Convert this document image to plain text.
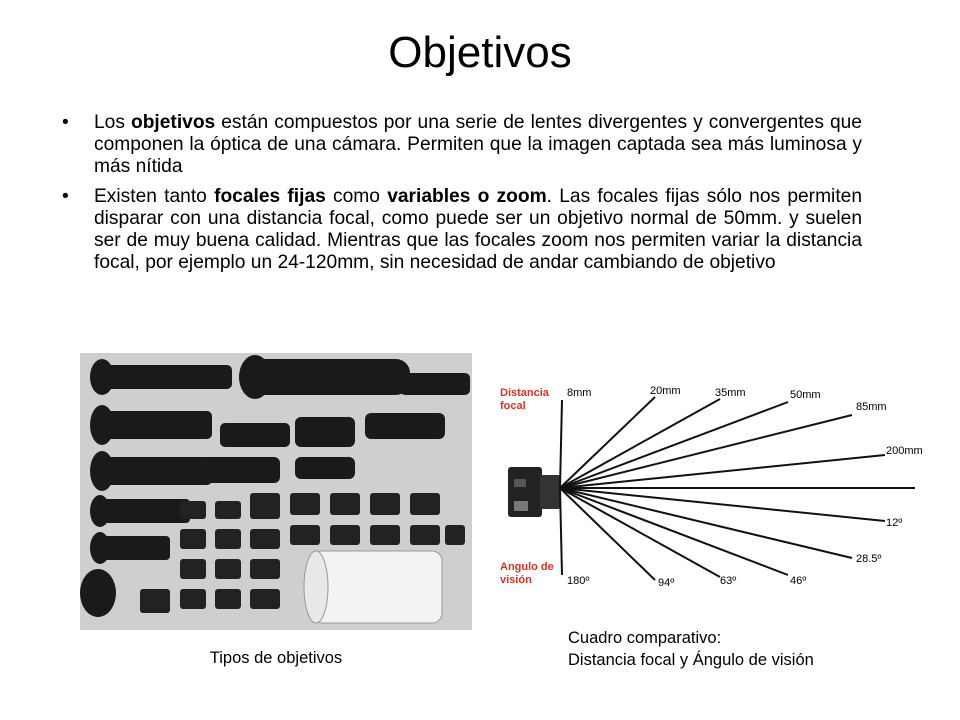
Objetivos
• Los objetivos están compuestos por una serie de lentes divergentes y convergentes que componen la óptica de una cámara. Permiten que la imagen captada sea más luminosa y más nítida
• Existen tanto focales fijas como variables o zoom. Las focales fijas sólo nos permiten disparar con una distancia focal, como puede ser un objetivo normal de 50mm. y suelen ser de muy buena calidad. Mientras que las focales zoom nos permiten variar la distancia focal, por ejemplo un 24-120mm, sin necesidad de andar cambiando de objetivo
Distancia
focal
Angulo de
visión
8mm	20mm	35mm	50mm
85mm
200mm
180º	94º	63º	46º
28.5º
12º
Tipos de objetivos
Cuadro comparativo:
Distancia focal y Ángulo de visión
